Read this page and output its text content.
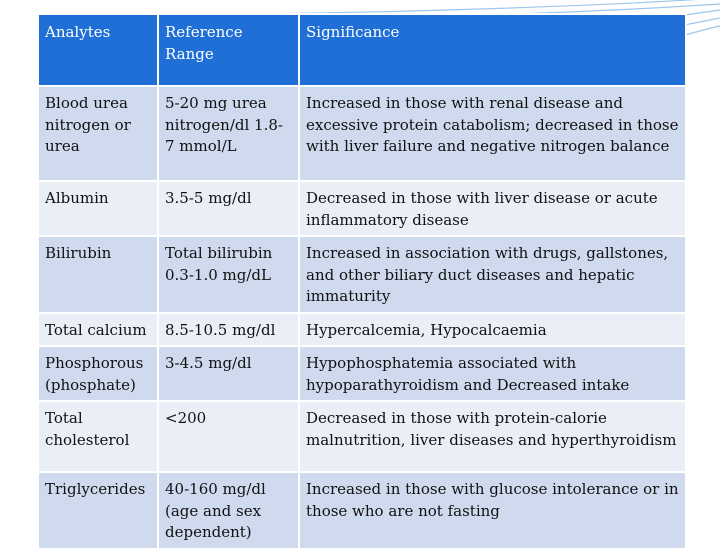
Analytes	Reference Range	Significance
Blood urea nitrogen or urea	5-20 mg urea nitrogen/dl 1.8-7 mmol/L	Increased in those with renal disease and excessive protein catabolism; decreased in those with liver failure and negative nitrogen balance
Albumin	3.5-5 mg/dl	Decreased in those with liver disease or acute inflammatory disease
Bilirubin	Total bilirubin 0.3-1.0 mg/dL	Increased in association with drugs, gallstones, and other biliary duct diseases and hepatic immaturity
Total calcium	8.5-10.5 mg/dl	Hypercalcemia, Hypocalcaemia
Phosphorous (phosphate)	3-4.5 mg/dl	Hypophosphatemia associated with hypoparathyroidism and Decreased intake
Total cholesterol	<200	Decreased in those with protein-calorie malnutrition, liver diseases and hyperthyroidism
Triglycerides	40-160 mg/dl (age and sex dependent)	Increased in those with glucose intolerance or in those who are not fasting
